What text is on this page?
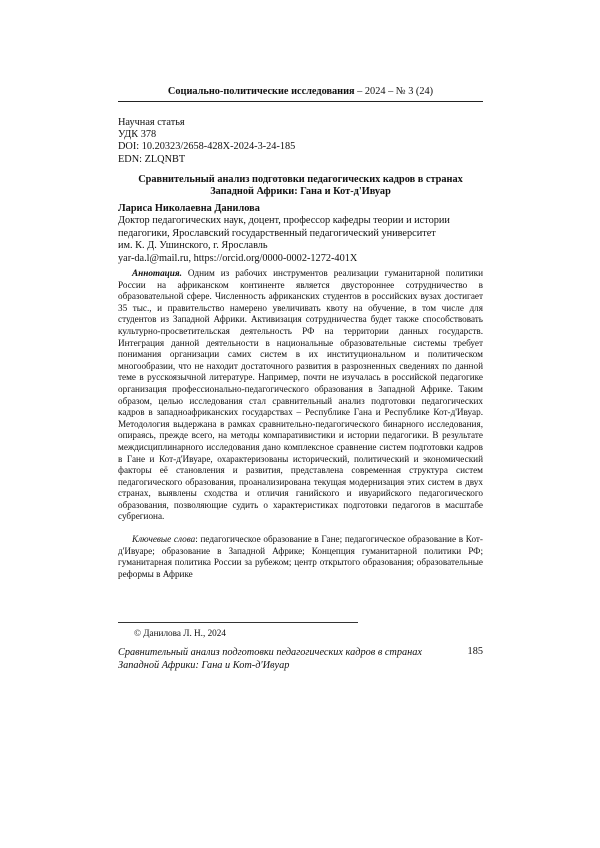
Социально-политические исследования – 2024 – № 3 (24)
Научная статья
УДК 378
DOI: 10.20323/2658-428X-2024-3-24-185
EDN: ZLQNBT
Сравнительный анализ подготовки педагогических кадров в странах
Западной Африки: Гана и Кот-д'Ивуар
Лариса Николаевна Данилова
Доктор педагогических наук, доцент, профессор кафедры теории и истории
педагогики, Ярославский государственный педагогический университет
им. К. Д. Ушинского, г. Ярославль
yar-da.l@mail.ru, https://orcid.org/0000-0002-1272-401X

Аннотация. Одним из рабочих инструментов реализации гуманитарной политики России на африканском континенте является двустороннее сотрудничество в образовательной сфере. Численность африканских студентов в российских вузах достигает 35 тыс., и правительство намерено увеличивать квоту на обучение, в том числе для студентов из Западной Африки. Активизация сотрудничества будет также способствовать культурно-просветительская деятельность РФ на территории данных государств. Интеграция данной деятельности в национальные образовательные системы требует понимания организации самих систем в их институциональном и политическом многообразии, что не находит достаточного развития в разрозненных сведениях по данной теме в русскоязычной литературе. Например, почти не изучалась в российской педагогике организация профессионально-педагогического образования в Западной Африке. Таким образом, целью исследования стал сравнительный анализ подготовки педагогических кадров в западноафриканских государствах – Республике Гана и Республике Кот-д'Ивуар. Методология выдержана в рамках сравнительно-педагогического бинарного исследования, опираясь, прежде всего, на методы компаративистики и истории педагогики. В результате междисциплинарного исследования дано комплексное сравнение систем подготовки кадров в Гане и Кот-д'Ивуаре, охарактеризованы исторический, политический и экономический факторы её становления и развития, представлена современная структура систем педагогического образования, проанализирована текущая модернизация этих систем в двух странах, выявлены сходства и отличия ганийского и ивуарийского педагогического образования, позволяющие судить о характеристиках подготовки педагогов в масштабе субрегиона.

Ключевые слова: педагогическое образование в Гане; педагогическое образование в Кот-д'Ивуаре; образование в Западной Африке; Концепция гуманитарной политики РФ; гуманитарная политика России за рубежом; центр открытого образования; образовательные реформы в Африке

© Данилова Л. Н., 2024
Сравнительный анализ подготовки педагогических кадров в странах
Западной Африки: Гана и Кот-д'Ивуар
185
